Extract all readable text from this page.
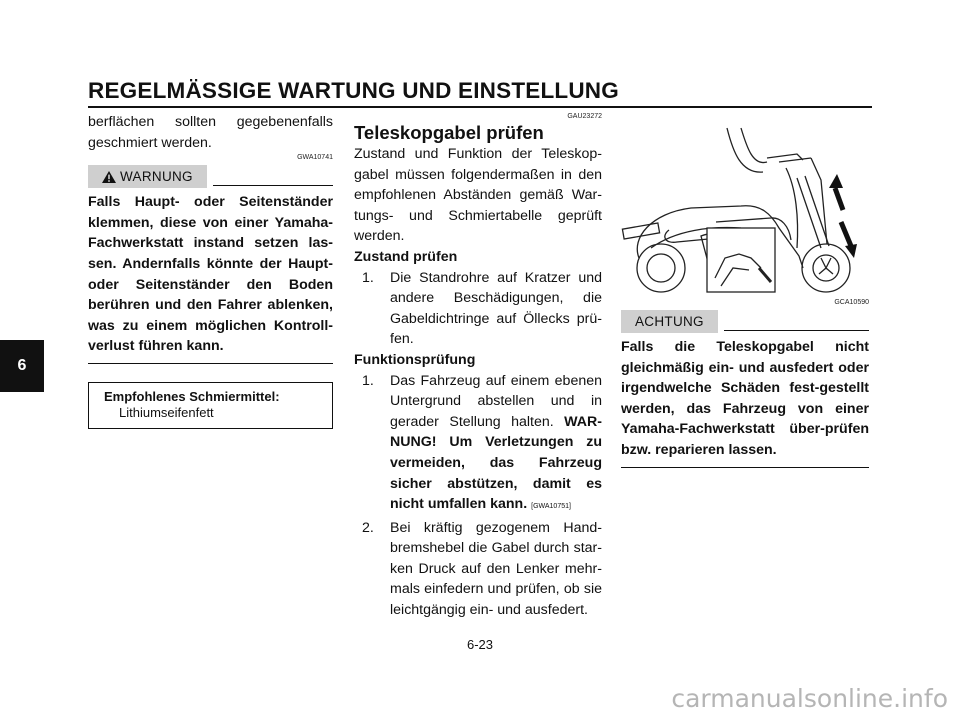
REGELMÄSSIGE WARTUNG UND EINSTELLUNG
6
berflächen sollten gegebenenfalls geschmiert werden.
GWA10741
WARNUNG
Falls Haupt- oder Seitenständer klemmen, diese von einer Yamaha-Fachwerkstatt instand setzen las-sen. Andernfalls könnte der Haupt- oder Seitenständer den Boden berühren und den Fahrer ablenken, was zu einem möglichen Kontroll-verlust führen kann.
Empfohlenes Schmiermittel:
Lithiumseifenfett
GAU23272
Teleskopgabel prüfen
Zustand und Funktion der Teleskop-gabel müssen folgendermaßen in den empfohlenen Abständen gemäß War-tungs- und Schmiertabelle geprüft werden.
Zustand prüfen
1.	Die Standrohre auf Kratzer und andere Beschädigungen, die Gabeldichtringe auf Öllecks prü-fen.
Funktionsprüfung
1.	Das Fahrzeug auf einem ebenen Untergrund abstellen und in gerader Stellung halten. WAR-NUNG! Um Verletzungen zu vermeiden, das Fahrzeug sicher abstützen, damit es nicht umfallen kann. [GWA10751]
2.	Bei kräftig gezogenem Hand-bremshebel die Gabel durch star-ken Druck auf den Lenker mehr-mals einfedern und prüfen, ob sie leichtgängig ein- und ausfedert.
GCA10590
ACHTUNG
Falls die Teleskopgabel nicht gleichmäßig ein- und ausfedert oder irgendwelche Schäden fest-gestellt werden, das Fahrzeug von einer Yamaha-Fachwerkstatt über-prüfen bzw. reparieren lassen.
6-23
carmanualsonline.info
